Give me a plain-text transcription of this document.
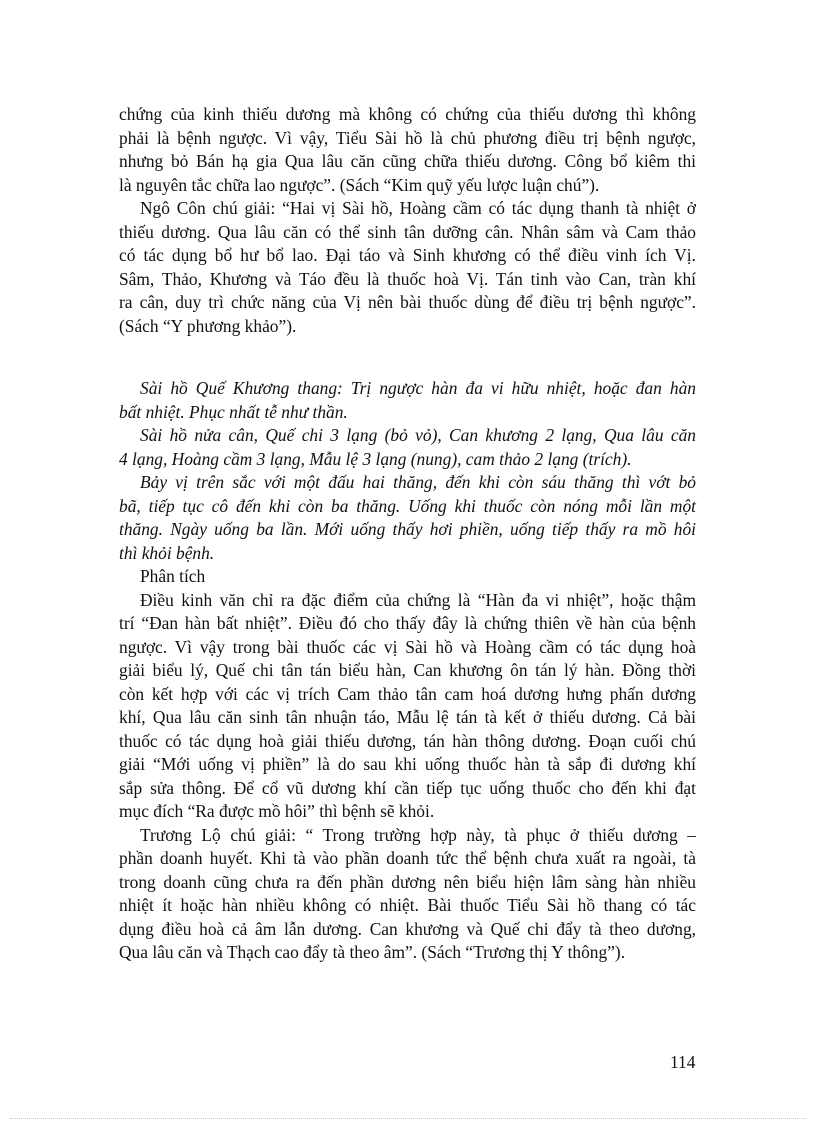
chứng của kinh thiếu dương mà không có chứng của thiếu dương thì không
phải là bệnh ngược. Vì vậy, Tiểu Sài hồ là chủ phương điều trị bệnh ngược,
nhưng bỏ Bán hạ gia Qua lâu căn cũng chữa thiếu dương. Công bổ kiêm thi
là nguyên tắc chữa lao ngược”. (Sách “Kim quỹ yếu lược luận chú”).
Ngô Côn chú giải: “Hai vị Sài hồ, Hoàng cầm có tác dụng thanh tà nhiệt ở
thiếu dương. Qua lâu căn có thể sinh tân dưỡng cân. Nhân sâm và Cam thảo
có tác dụng bổ hư bổ lao. Đại táo và Sinh khương có thể điều vinh ích Vị.
Sâm, Thảo, Khương và Táo đều là thuốc hoà Vị. Tán tinh vào Can, tràn khí
ra cân, duy trì chức năng của Vị nên bài thuốc dùng để điều trị bệnh ngược”.
(Sách “Y phương khảo”).
Sài hồ Quế Khương thang: Trị ngược hàn đa vi hữu nhiệt, hoặc đan hàn
bất nhiệt. Phục nhất tễ như thần.
Sài hồ nửa cân, Quế chi 3 lạng (bỏ vỏ), Can khương 2 lạng, Qua lâu căn
4 lạng, Hoàng cầm 3 lạng, Mẫu lệ 3 lạng (nung), cam thảo 2 lạng (trích).
Bảy vị trên sắc với một đấu hai thăng, đến khi còn sáu thăng thì vớt bỏ
bã, tiếp tục cô đến khi còn ba thăng. Uống khi thuốc còn nóng mỗi lần một
thăng. Ngày uống ba lần. Mới uống thấy hơi phiền, uống tiếp thấy ra mồ hôi
thì khỏi bệnh.
Phân tích
Điều kinh văn chỉ ra đặc điểm của chứng là “Hàn đa vi nhiệt”, hoặc thậm
trí “Đan hàn bất nhiệt”. Điều đó cho thấy đây là chứng thiên về hàn của bệnh
ngược. Vì vậy trong bài thuốc các vị Sài hồ và Hoàng cầm có tác dụng hoà
giải biểu lý, Quế chi tân tán biểu hàn, Can khương ôn tán lý hàn. Đồng thời
còn kết hợp với các vị trích Cam thảo tân cam hoá dương hưng phấn dương
khí, Qua lâu căn sinh tân nhuận táo, Mẫu lệ tán tà kết ở thiếu dương. Cả bài
thuốc có tác dụng hoà giải thiếu dương, tán hàn thông dương. Đoạn cuối chú
giải “Mới uống vị phiền” là do sau khi uống thuốc hàn tà sắp đi dương khí
sắp sửa thông. Để cổ vũ dương khí cần tiếp tục uống thuốc cho đến khi đạt
mục đích “Ra được mồ hôi” thì bệnh sẽ khỏi.
Trương Lộ chú giải: “ Trong trường hợp này, tà phục ở thiếu dương –
phần doanh huyết. Khi tà vào phần doanh tức thể bệnh chưa xuất ra ngoài, tà
trong doanh cũng chưa ra đến phần dương nên biểu hiện lâm sàng hàn nhiều
nhiệt ít hoặc hàn nhiều không có nhiệt. Bài thuốc Tiểu Sài hồ thang có tác
dụng điều hoà cả âm lẫn dương. Can khương và Quế chi đẩy tà theo dương,
Qua lâu căn và Thạch cao đẩy tà theo âm”. (Sách “Trương thị Y thông”).
114
